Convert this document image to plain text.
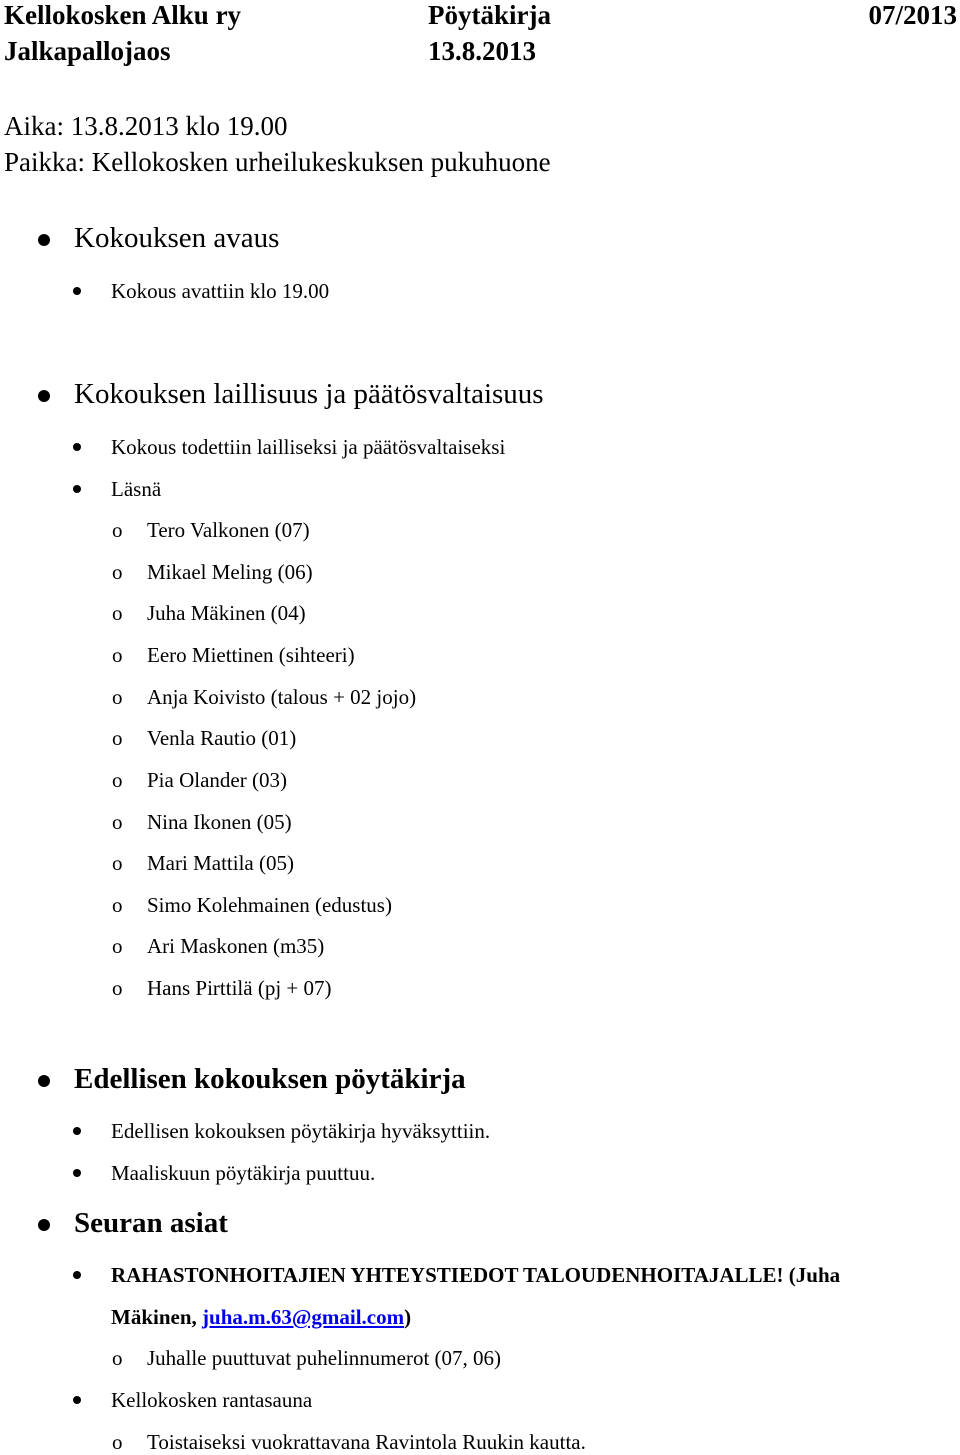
Kellokosken Alku ry	Pöytäkirja	07/2013
Jalkapallojaos	13.8.2013
Aika: 13.8.2013 klo 19.00
Paikka: Kellokosken urheilukeskuksen pukuhuone
Kokouksen avaus
Kokous avattiin klo 19.00
Kokouksen laillisuus ja päätösvaltaisuus
Kokous todettiin lailliseksi ja päätösvaltaiseksi
Läsnä
o Tero Valkonen (07)
o Mikael Meling (06)
o Juha Mäkinen (04)
o Eero Miettinen (sihteeri)
o Anja Koivisto (talous + 02 jojo)
o Venla Rautio (01)
o Pia Olander (03)
o Nina Ikonen (05)
o Mari Mattila (05)
o Simo Kolehmainen (edustus)
o Ari Maskonen (m35)
o Hans Pirttilä (pj + 07)
Edellisen kokouksen pöytäkirja
Edellisen kokouksen pöytäkirja hyväksyttiin.
Maaliskuun pöytäkirja puuttuu.
Seuran asiat
RAHASTONHOITAJIEN YHTEYSTIEDOT TALOUDENHOITAJALLE! (Juha
Mäkinen, juha.m.63@gmail.com)
o Juhalle puuttuvat puhelinnumerot (07, 06)
Kellokosken rantasauna
o Toistaiseksi vuokrattavana Ravintola Ruukin kautta.
